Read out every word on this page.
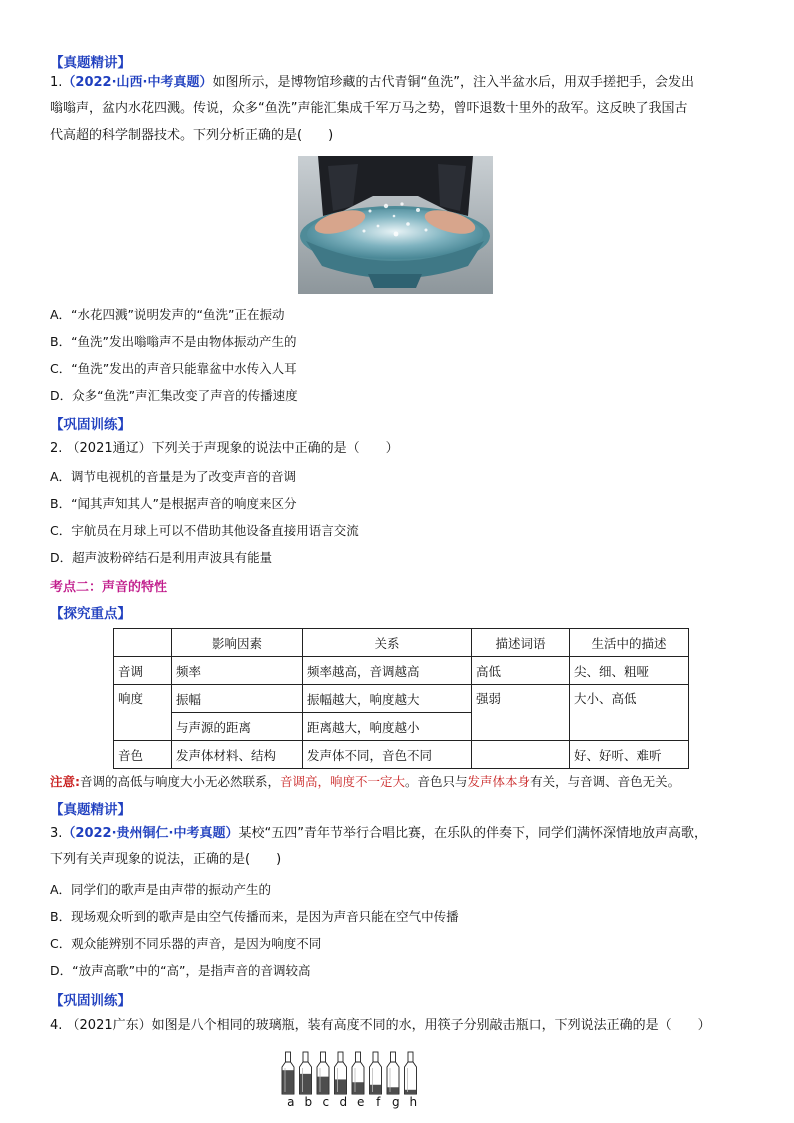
【真题精讲】
1.（2022·山西·中考真题）如图所示，是博物馆珍藏的古代青铜“鱼洗”，注入半盆水后，用双手搓把手，会发出
嗡嗡声，盆内水花四溅。传说，众多“鱼洗”声能汇集成千军万马之势，曾吓退数十里外的敌军。这反映了我国古
代高超的科学制器技术。下列分析正确的是(　　)
A．“水花四溅”说明发声的“鱼洗”正在振动
B．“鱼洗”发出嗡嗡声不是由物体振动产生的
C．“鱼洗”发出的声音只能靠盆中水传入人耳
D．众多“鱼洗”声汇集改变了声音的传播速度
【巩固训练】
2. （2021通辽）下列关于声现象的说法中正确的是（　　）
A．调节电视机的音量是为了改变声音的音调
B．“闻其声知其人”是根据声音的响度来区分
C．宇航员在月球上可以不借助其他设备直接用语言交流
D．超声波粉碎结石是利用声波具有能量
考点二：声音的特性
【探究重点】
	影响因素	关系	描述词语	生活中的描述
音调	频率	频率越高，音调越高	高低	尖、细、粗哑
响度	振幅	振幅越大，响度越大	强弱	大小、高低
	与声源的距离	距离越大，响度越小		
音色	发声体材料、结构	发声体不同，音色不同		好、好听、难听
注意:音调的高低与响度大小无必然联系，音调高，响度不一定大。音色只与发声体本身有关，与音调、音色无关。
【真题精讲】
3.（2022·贵州铜仁·中考真题）某校“五四”青年节举行合唱比赛，在乐队的伴奏下，同学们满怀深情地放声高歌，
下列有关声现象的说法，正确的是(　　)
A．同学们的歌声是由声带的振动产生的
B．现场观众听到的歌声是由空气传播而来，是因为声音只能在空气中传播
C．观众能辨别不同乐器的声音，是因为响度不同
D．“放声高歌”中的“高”，是指声音的音调较高
【巩固训练】
4. （2021广东）如图是八个相同的玻璃瓶，装有高度不同的水，用筷子分别敲击瓶口，下列说法正确的是（　　）
a b c d e f g h
